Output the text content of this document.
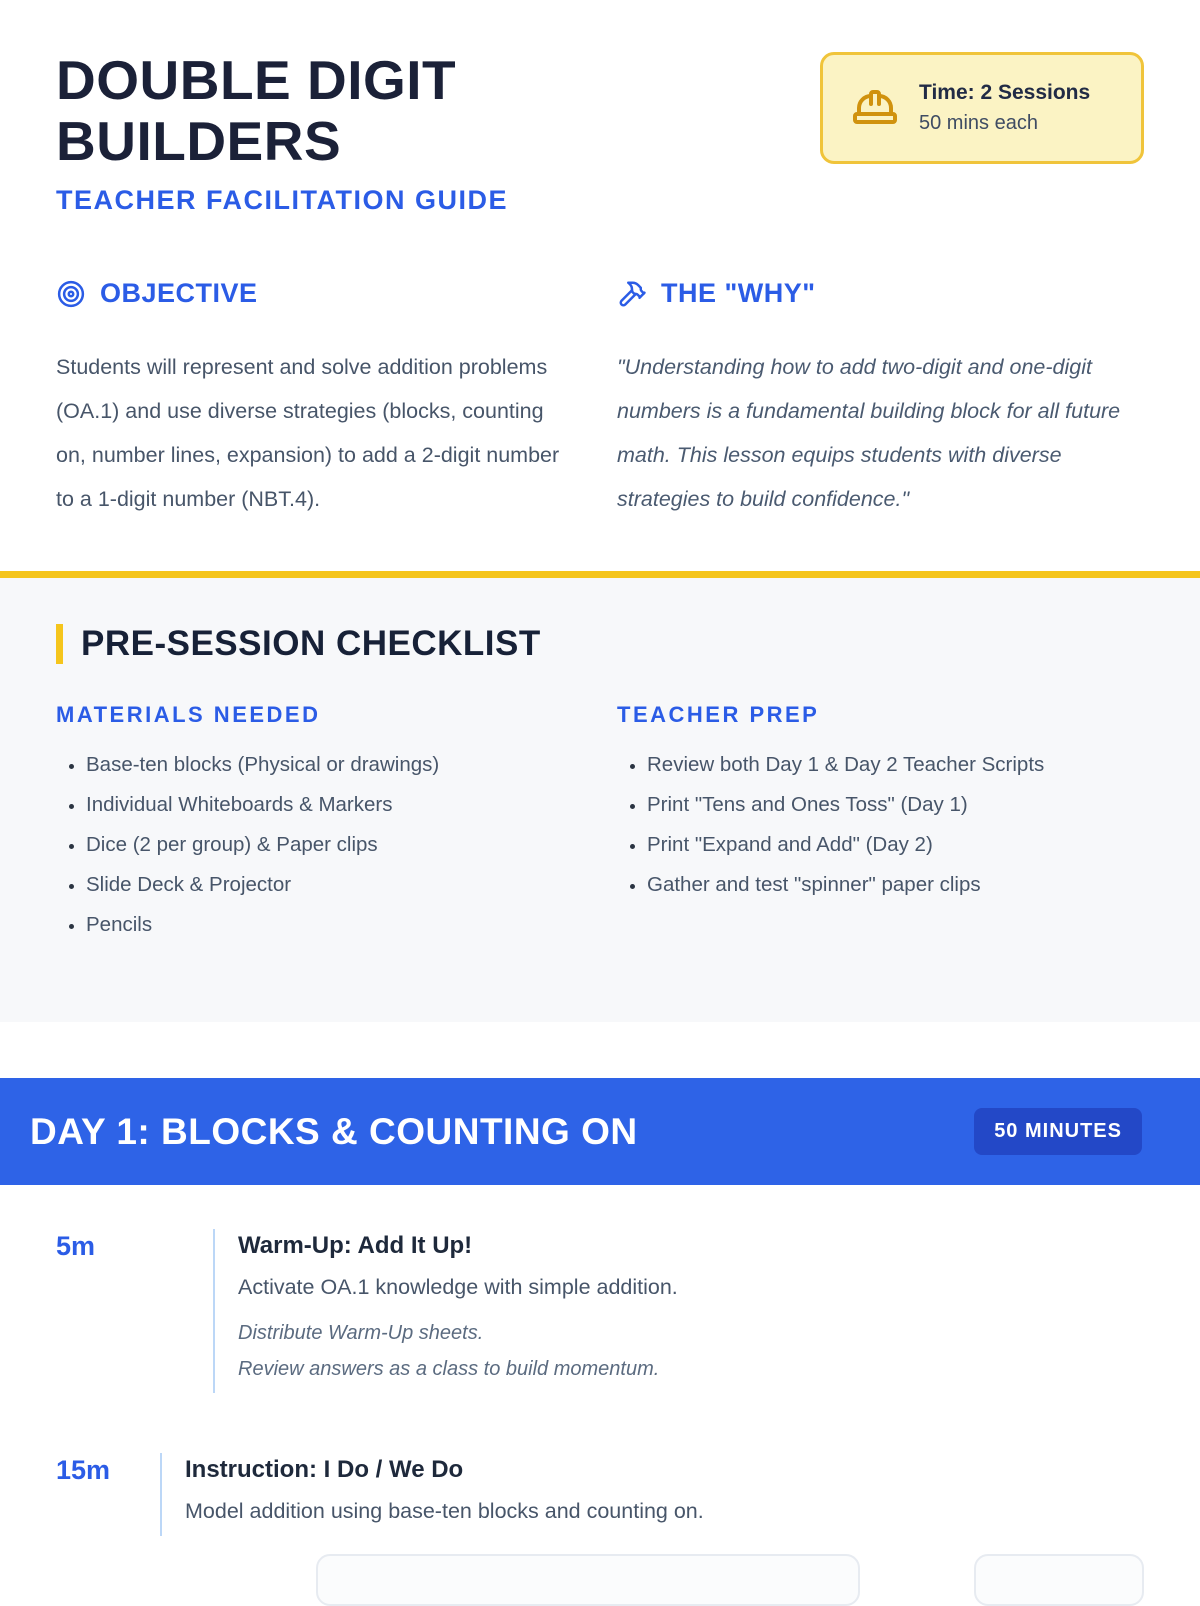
DOUBLE DIGIT BUILDERS
TEACHER FACILITATION GUIDE
Time: 2 Sessions
50 mins each
OBJECTIVE

Students will represent and solve addition problems (OA.1) and use diverse strategies (blocks, counting on, number lines, expansion) to add a 2-digit number to a 1-digit number (NBT.4).

THE "WHY"

"Understanding how to add two-digit and one-digit numbers is a fundamental building block for all future math. This lesson equips students with diverse strategies to build confidence."

PRE-SESSION CHECKLIST
MATERIALS NEEDED
• Base-ten blocks (Physical or drawings)
• Individual Whiteboards & Markers
• Dice (2 per group) & Paper clips
• Slide Deck & Projector
• Pencils
TEACHER PREP
• Review both Day 1 & Day 2 Teacher Scripts
• Print "Tens and Ones Toss" (Day 1)
• Print "Expand and Add" (Day 2)
• Gather and test "spinner" paper clips
DAY 1: BLOCKS & COUNTING ON	50 MINUTES
5m	Warm-Up: Add It Up!
Activate OA.1 knowledge with simple addition.
Distribute Warm-Up sheets.
Review answers as a class to build momentum.
15m	Instruction: I Do / We Do
Model addition using base-ten blocks and counting on.
